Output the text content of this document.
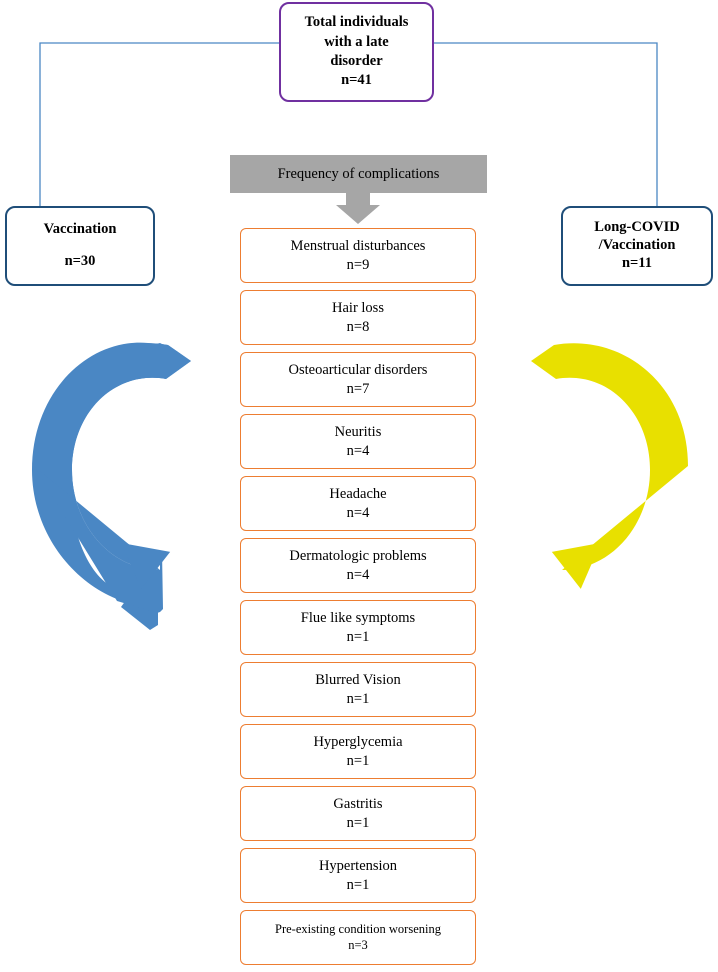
Total individuals
with a late
disorder
n=41
Vaccination
n=30
Long-COVID
/Vaccination
n=11
Frequency of complications
Menstrual disturbances
n=9
Hair loss
n=8
Osteoarticular disorders
n=7
Neuritis
n=4
Headache
n=4
Dermatologic problems
n=4
Flue like symptoms
n=1
Blurred Vision
n=1
Hyperglycemia
n=1
Gastritis
n=1
Hypertension
n=1
Pre-existing condition worsening
n=3
